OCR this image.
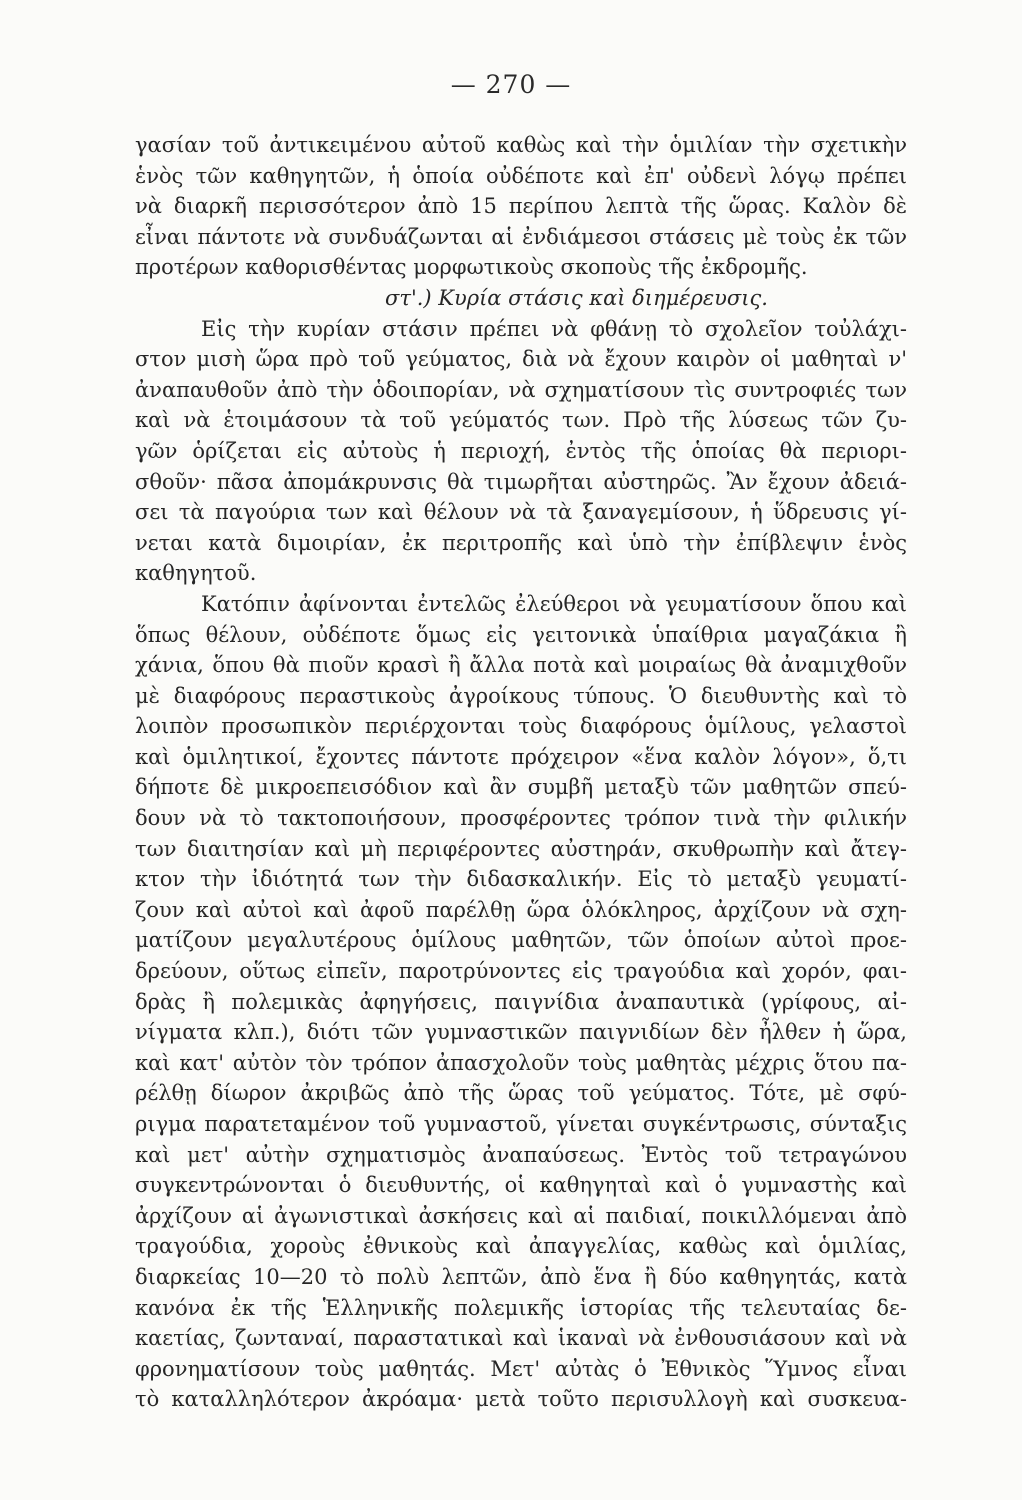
— 270 —
γασίαν τοῦ ἀντικειμένου αὐτοῦ καθὼς καὶ τὴν ὁμιλίαν τὴν σχετικὴν
ἑνὸς τῶν καθηγητῶν, ἡ ὁποία οὐδέποτε καὶ ἐπ' οὐδενὶ λόγῳ πρέπει
νὰ διαρκῆ περισσότερον ἀπὸ 15 περίπου λεπτὰ τῆς ὥρας. Καλὸν δὲ
εἶναι πάντοτε νὰ συνδυάζωνται αἱ ἐνδιάμεσοι στάσεις μὲ τοὺς ἐκ τῶν
προτέρων καθορισθέντας μορφωτικοὺς σκοποὺς τῆς ἐκδρομῆς.
στ'.) Κυρία στάσις καὶ διημέρευσις.
Εἰς τὴν κυρίαν στάσιν πρέπει νὰ φθάνῃ τὸ σχολεῖον τοὐλάχι-
στον μισὴ ὥρα πρὸ τοῦ γεύματος, διὰ νὰ ἔχουν καιρὸν οἱ μαθηταὶ ν'
ἀναπαυθοῦν ἀπὸ τὴν ὁδοιπορίαν, νὰ σχηματίσουν τὶς συντροφιές των
καὶ νὰ ἑτοιμάσουν τὰ τοῦ γεύματός των. Πρὸ τῆς λύσεως τῶν ζυ-
γῶν ὁρίζεται εἰς αὐτοὺς ἡ περιοχή, ἐντὸς τῆς ὁποίας θὰ περιορι-
σθοῦν· πᾶσα ἀπομάκρυνσις θὰ τιμωρῆται αὐστηρῶς. Ἂν ἔχουν ἀδειά-
σει τὰ παγούρια των καὶ θέλουν νὰ τὰ ξαναγεμίσουν, ἡ ὕδρευσις γί-
νεται κατὰ διμοιρίαν, ἐκ περιτροπῆς καὶ ὑπὸ τὴν ἐπίβλεψιν ἑνὸς
καθηγητοῦ.
Κατόπιν ἀφίνονται ἐντελῶς ἐλεύθεροι νὰ γευματίσουν ὅπου καὶ
ὅπως θέλουν, οὐδέποτε ὅμως εἰς γειτονικὰ ὑπαίθρια μαγαζάκια ἢ
χάνια, ὅπου θὰ πιοῦν κρασὶ ἢ ἄλλα ποτὰ καὶ μοιραίως θὰ ἀναμιχθοῦν
μὲ διαφόρους περαστικοὺς ἀγροίκους τύπους. Ὁ διευθυντὴς καὶ τὸ
λοιπὸν προσωπικὸν περιέρχονται τοὺς διαφόρους ὁμίλους, γελαστοὶ
καὶ ὁμιλητικοί, ἔχοντες πάντοτε πρόχειρον «ἕνα καλὸν λόγον», ὅ,τι
δήποτε δὲ μικροεπεισόδιον καὶ ἂν συμβῆ μεταξὺ τῶν μαθητῶν σπεύ-
δουν νὰ τὸ τακτοποιήσουν, προσφέροντες τρόπον τινὰ τὴν φιλικήν
των διαιτησίαν καὶ μὴ περιφέροντες αὐστηράν, σκυθρωπὴν καὶ ἄτεγ-
κτον τὴν ἰδιότητά των τὴν διδασκαλικήν. Εἰς τὸ μεταξὺ γευματί-
ζουν καὶ αὐτοὶ καὶ ἀφοῦ παρέλθῃ ὥρα ὁλόκληρος, ἀρχίζουν νὰ σχη-
ματίζουν μεγαλυτέρους ὁμίλους μαθητῶν, τῶν ὁποίων αὐτοὶ προε-
δρεύουν, οὕτως εἰπεῖν, παροτρύνοντες εἰς τραγούδια καὶ χορόν, φαι-
δρὰς ἢ πολεμικὰς ἀφηγήσεις, παιγνίδια ἀναπαυτικὰ (γρίφους, αἰ-
νίγματα κλπ.), διότι τῶν γυμναστικῶν παιγνιδίων δὲν ἦλθεν ἡ ὥρα,
καὶ κατ' αὐτὸν τὸν τρόπον ἀπασχολοῦν τοὺς μαθητὰς μέχρις ὅτου πα-
ρέλθῃ δίωρον ἀκριβῶς ἀπὸ τῆς ὥρας τοῦ γεύματος. Τότε, μὲ σφύ-
ριγμα παρατεταμένον τοῦ γυμναστοῦ, γίνεται συγκέντρωσις, σύνταξις
καὶ μετ' αὐτὴν σχηματισμὸς ἀναπαύσεως. Ἐντὸς τοῦ τετραγώνου
συγκεντρώνονται ὁ διευθυντής, οἱ καθηγηταὶ καὶ ὁ γυμναστὴς καὶ
ἀρχίζουν αἱ ἀγωνιστικαὶ ἀσκήσεις καὶ αἱ παιδιαί, ποικιλλόμεναι ἀπὸ
τραγούδια, χοροὺς ἐθνικοὺς καὶ ἀπαγγελίας, καθὼς καὶ ὁμιλίας,
διαρκείας 10—20 τὸ πολὺ λεπτῶν, ἀπὸ ἕνα ἢ δύο καθηγητάς, κατὰ
κανόνα ἐκ τῆς Ἑλληνικῆς πολεμικῆς ἱστορίας τῆς τελευταίας δε-
καετίας, ζωνταναί, παραστατικαὶ καὶ ἱκαναὶ νὰ ἐνθουσιάσουν καὶ νὰ
φρονηματίσουν τοὺς μαθητάς. Μετ' αὐτὰς ὁ Ἐθνικὸς Ὕμνος εἶναι
τὸ καταλληλότερον ἀκρόαμα· μετὰ τοῦτο περισυλλογὴ καὶ συσκευα-
